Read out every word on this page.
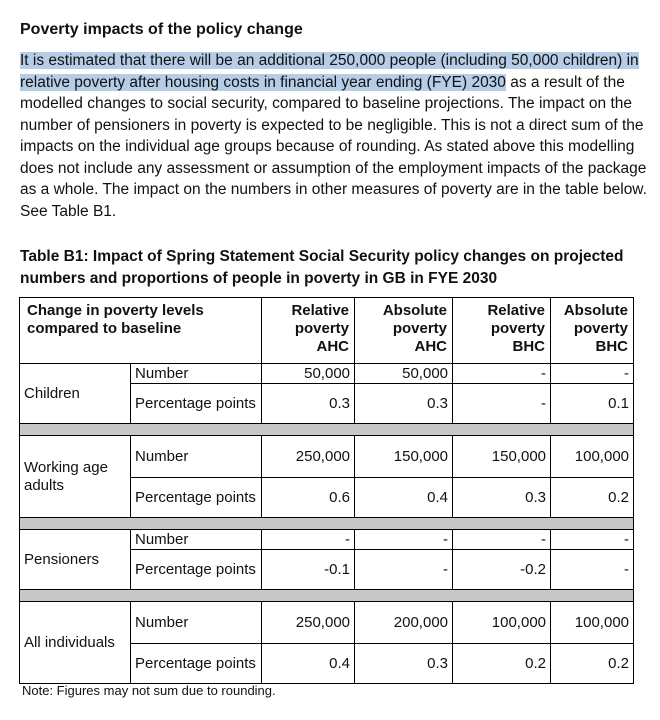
Poverty impacts of the policy change
It is estimated that there will be an additional 250,000 people (including 50,000 children) in relative poverty after housing costs in financial year ending (FYE) 2030 as a result of the modelled changes to social security, compared to baseline projections. The impact on the number of pensioners in poverty is expected to be negligible. This is not a direct sum of the impacts on the individual age groups because of rounding. As stated above this modelling does not include any assessment or assumption of the employment impacts of the package as a whole. The impact on the numbers in other measures of poverty are in the table below. See Table B1.
Table B1: Impact of Spring Statement Social Security policy changes on projected numbers and proportions of people in poverty in GB in FYE 2030
Change in poverty levels compared to baseline		Relative poverty AHC	Absolute poverty AHC	Relative poverty BHC	Absolute poverty BHC
Children	Number	50,000	50,000	-	-
	Percentage points	0.3	0.3	-	0.1

Working age adults	Number	250,000	150,000	150,000	100,000
	Percentage points	0.6	0.4	0.3	0.2

Pensioners	Number	-	-	-	-
	Percentage points	-0.1	-	-0.2	-

All individuals	Number	250,000	200,000	100,000	100,000
	Percentage points	0.4	0.3	0.2	0.2
Note: Figures may not sum due to rounding.
